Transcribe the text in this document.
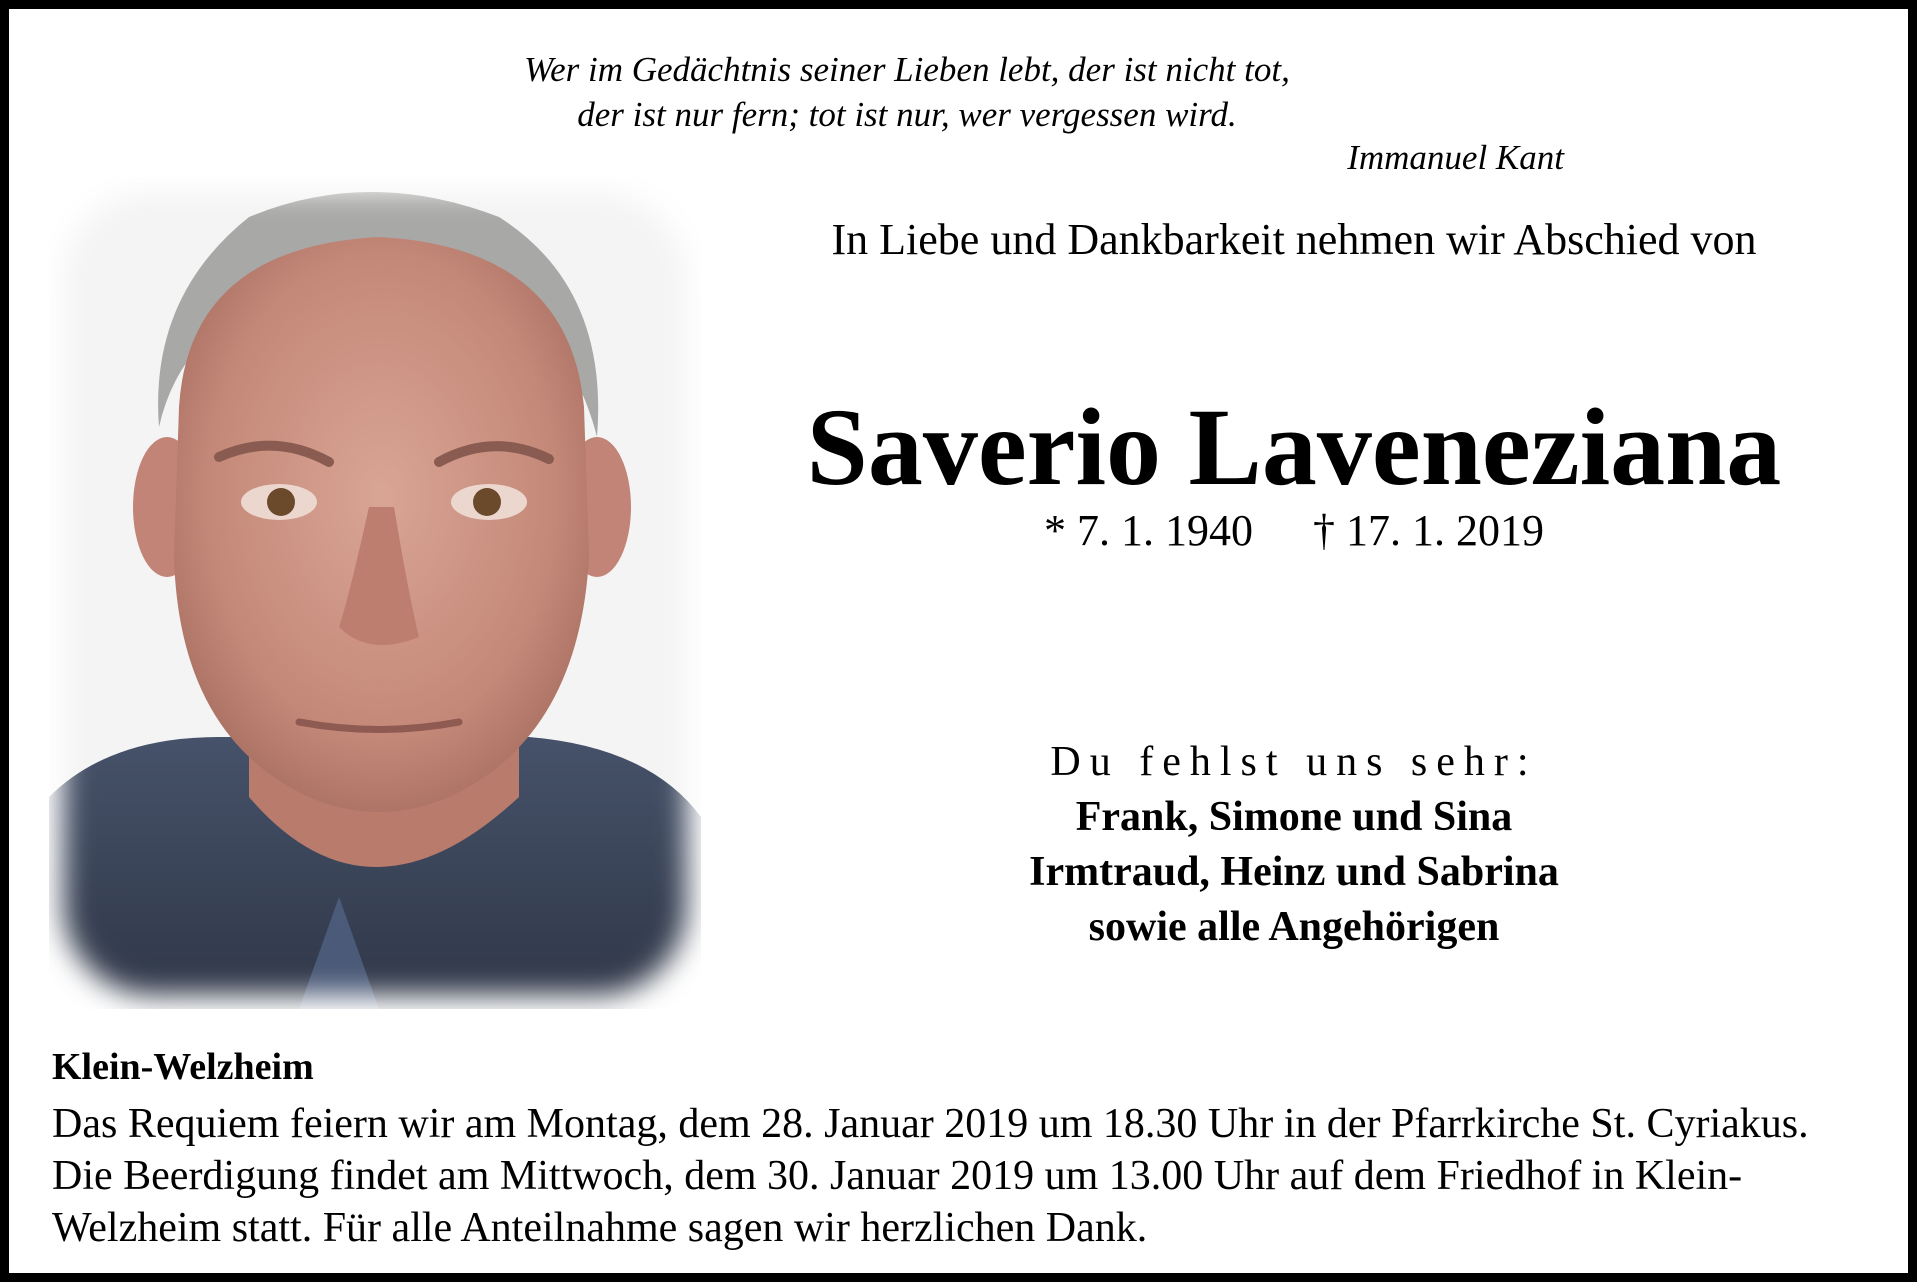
Wer im Gedächtnis seiner Lieben lebt, der ist nicht tot,
der ist nur fern; tot ist nur, wer vergessen wird.
Immanuel Kant
In Liebe und Dankbarkeit nehmen wir Abschied von
Saverio Laveneziana
* 7. 1. 1940 † 17. 1. 2019
Du fehlst uns sehr:
Frank, Simone und Sina
Irmtraud, Heinz und Sabrina
sowie alle Angehörigen
Klein-Welzheim
Das Requiem feiern wir am Montag, dem 28. Januar 2019 um 18.30 Uhr in der Pfarrkirche St. Cyriakus.
Die Beerdigung findet am Mittwoch, dem 30. Januar 2019 um 13.00 Uhr auf dem Friedhof in Klein-
Welzheim statt. Für alle Anteilnahme sagen wir herzlichen Dank.
